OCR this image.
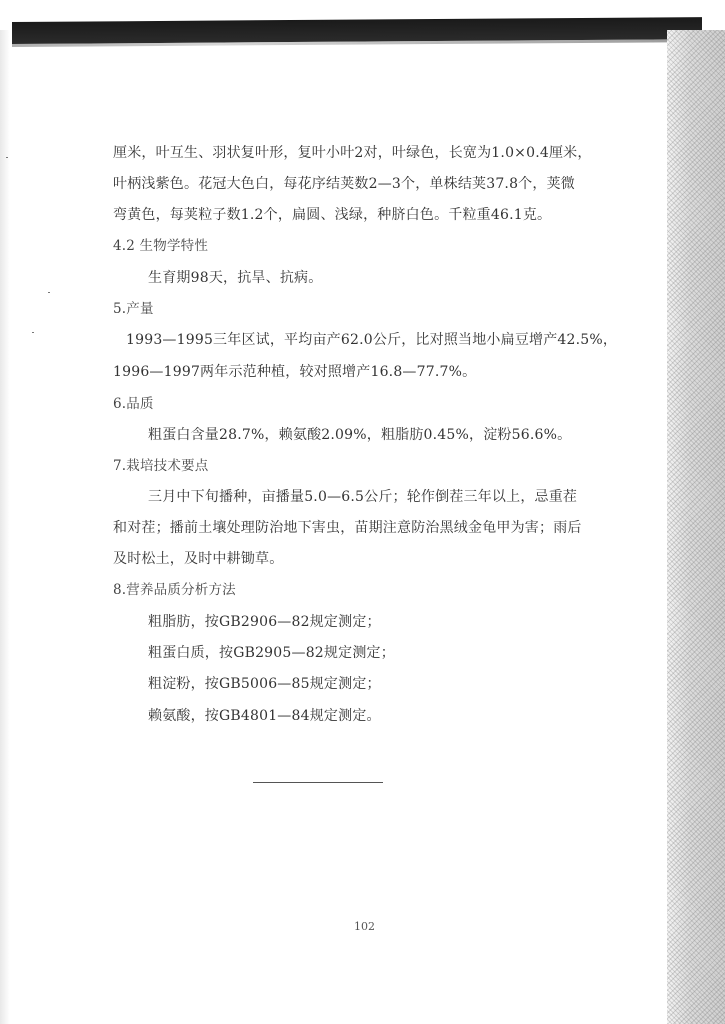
厘米，叶互生、羽状复叶形，复叶小叶2对，叶绿色，长宽为1.0×0.4厘米，
叶柄浅紫色。花冠大色白，每花序结荚数2—3个，单株结荚37.8个，荚微
弯黄色，每荚粒子数1.2个，扁圆、浅绿，种脐白色。千粒重46.1克。
4.2 生物学特性
生育期98天，抗旱、抗病。
5.产量
1993—1995三年区试，平均亩产62.0公斤，比对照当地小扁豆增产42.5%，
1996—1997两年示范种植，较对照增产16.8—77.7%。
6.品质
粗蛋白含量28.7%，赖氨酸2.09%，粗脂肪0.45%，淀粉56.6%。
7.栽培技术要点
三月中下旬播种，亩播量5.0—6.5公斤；轮作倒茬三年以上，忌重茬
和对茬；播前土壤处理防治地下害虫，苗期注意防治黑绒金龟甲为害；雨后
及时松土，及时中耕锄草。
8.营养品质分析方法
粗脂肪，按GB2906—82规定测定；
粗蛋白质，按GB2905—82规定测定；
粗淀粉，按GB5006—85规定测定；
赖氨酸，按GB4801—84规定测定。
102
